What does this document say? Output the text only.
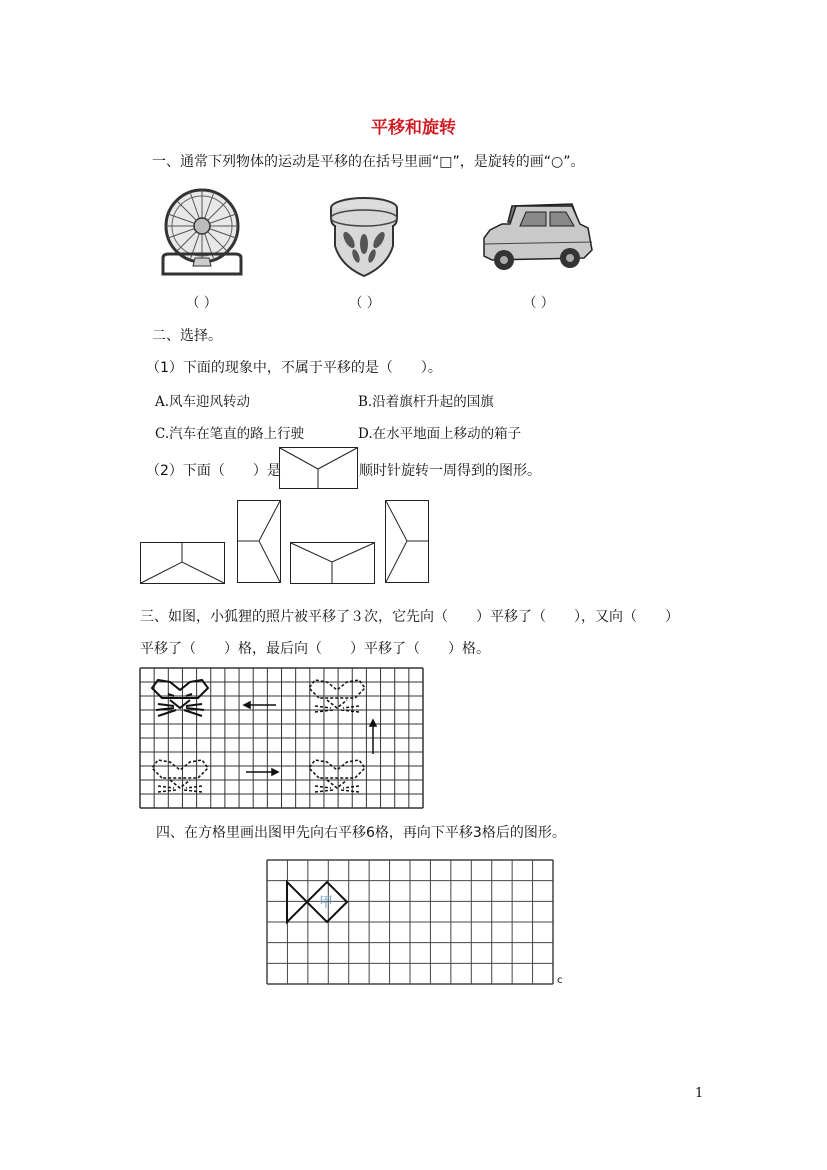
平移和旋转
一、通常下列物体的运动是平移的在括号里画“□”，是旋转的画“○”。
（ ）	（ ）	（ ）
二、选择。
（1）下面的现象中，不属于平移的是（　　）。
A.风车迎风转动	B.沿着旗杆升起的国旗
C.汽车在笔直的路上行驶	D.在水平地面上移动的箱子
（2）下面（　　）是	顺时针旋转一周得到的图形。
三、如图，小狐狸的照片被平移了３次，它先向（　　）平移了（　　），又向（　　）
平移了（　　）格，最后向（　　）平移了（　　）格。
四、在方格里画出图甲先向右平移6格，再向下平移3格后的图形。
甲
c
1
